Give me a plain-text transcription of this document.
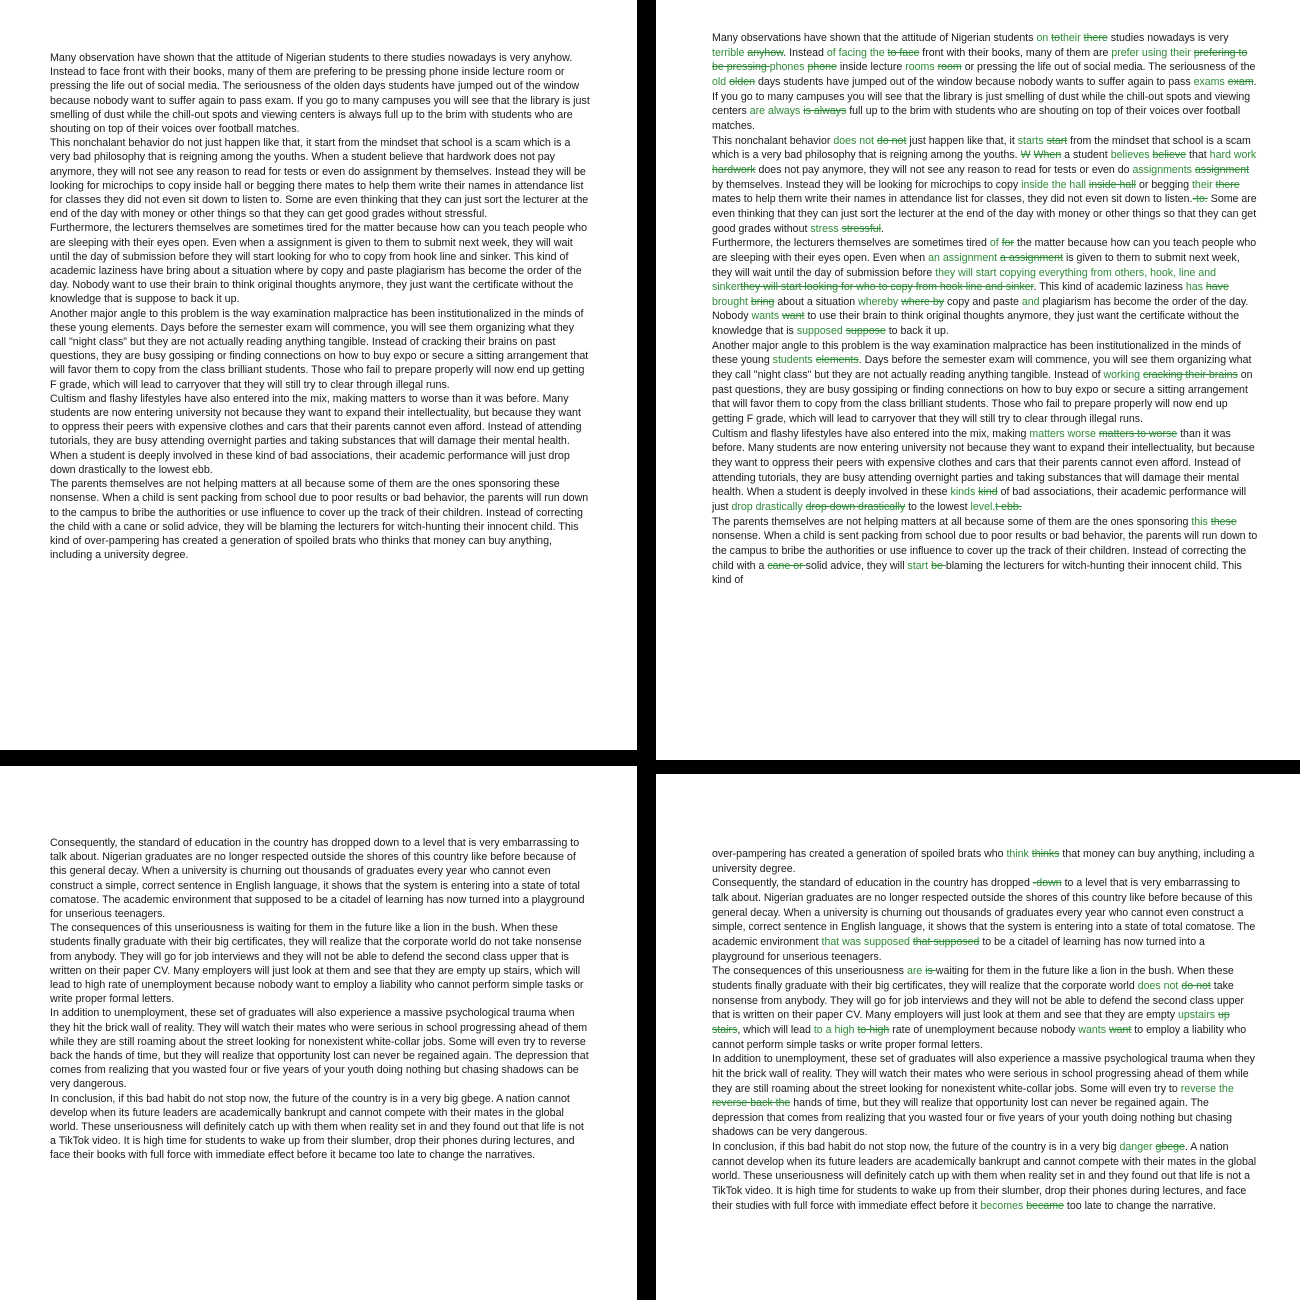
Many observation have shown that the attitude of Nigerian students to there studies nowadays is very anyhow. Instead to face front with their books, many of them are prefering to be pressing phone inside lecture room or pressing the life out of social media. The seriousness of the olden days students have jumped out of the window because nobody want to suffer again to pass exam. If you go to many campuses you will see that the library is just smelling of dust while the chill-out spots and viewing centers is always full up to the brim with students who are shouting on top of their voices over football matches.

This nonchalant behavior do not just happen like that, it start from the mindset that school is a scam which is a very bad philosophy that is reigning among the youths. When a student believe that hardwork does not pay anymore, they will not see any reason to read for tests or even do assignment by themselves. Instead they will be looking for microchips to copy inside hall or begging there mates to help them write their names in attendance list for classes they did not even sit down to listen to. Some are even thinking that they can just sort the lecturer at the end of the day with money or other things so that they can get good grades without stressful.

Furthermore, the lecturers themselves are sometimes tired for the matter because how can you teach people who are sleeping with their eyes open. Even when a assignment is given to them to submit next week, they will wait until the day of submission before they will start looking for who to copy from hook line and sinker. This kind of academic laziness have bring about a situation where by copy and paste plagiarism has become the order of the day. Nobody want to use their brain to think original thoughts anymore, they just want the certificate without the knowledge that is suppose to back it up.

Another major angle to this problem is the way examination malpractice has been institutionalized in the minds of these young elements. Days before the semester exam will commence, you will see them organizing what they call "night class" but they are not actually reading anything tangible. Instead of cracking their brains on past questions, they are busy gossiping or finding connections on how to buy expo or secure a sitting arrangement that will favor them to copy from the class brilliant students. Those who fail to prepare properly will now end up getting F grade, which will lead to carryover that they will still try to clear through illegal runs.

Cultism and flashy lifestyles have also entered into the mix, making matters to worse than it was before. Many students are now entering university not because they want to expand their intellectuality, but because they want to oppress their peers with expensive clothes and cars that their parents cannot even afford. Instead of attending tutorials, they are busy attending overnight parties and taking substances that will damage their mental health. When a student is deeply involved in these kind of bad associations, their academic performance will just drop down drastically to the lowest ebb.

The parents themselves are not helping matters at all because some of them are the ones sponsoring these nonsense. When a child is sent packing from school due to poor results or bad behavior, the parents will run down to the campus to bribe the authorities or use influence to cover up the track of their children. Instead of correcting the child with a cane or solid advice, they will be blaming the lecturers for witch-hunting their innocent child. This kind of over-pampering has created a generation of spoiled brats who thinks that money can buy anything, including a university degree.

Many observations have shown that the attitude of Nigerian students on totheir there studies nowadays is very terrible anyhow. Instead of facing the to face front with their books, many of them are prefer using their prefering to be pressing phones phone inside lecture rooms room or pressing the life out of social media. The seriousness of the old olden days students have jumped out of the window because nobody wants to suffer again to pass exams exam. If you go to many campuses you will see that the library is just smelling of dust while the chill-out spots and viewing centers are always is always full up to the brim with students who are shouting on top of their voices over football matches.

This nonchalant behavior does not do not just happen like that, it starts start from the mindset that school is a scam which is a very bad philosophy that is reigning among the youths. W When a student believes believe that hard work hardwork does not pay anymore, they will not see any reason to read for tests or even do assignments assignment by themselves. Instead they will be looking for microchips to copy inside the hall inside hall or begging their there mates to help them write their names in attendance list for classes, they did not even sit down to listen.-to. Some are even thinking that they can just sort the lecturer at the end of the day with money or other things so that they can get good grades without stress stressful.

Furthermore, the lecturers themselves are sometimes tired of for the matter because how can you teach people who are sleeping with their eyes open. Even when an assignment a assignment is given to them to submit next week, they will wait until the day of submission before they will start copying everything from others, hook, line and sinkerthey will start looking for who to copy from hook line and sinker. This kind of academic laziness has have brought bring about a situation whereby where by copy and paste and plagiarism has become the order of the day. Nobody wants want to use their brain to think original thoughts anymore, they just want the certificate without the knowledge that is supposed suppose to back it up.

Another major angle to this problem is the way examination malpractice has been institutionalized in the minds of these young students elements. Days before the semester exam will commence, you will see them organizing what they call "night class" but they are not actually reading anything tangible. Instead of working cracking their brains on past questions, they are busy gossiping or finding connections on how to buy expo or secure a sitting arrangement that will favor them to copy from the class brilliant students. Those who fail to prepare properly will now end up getting F grade, which will lead to carryover that they will still try to clear through illegal runs.

Cultism and flashy lifestyles have also entered into the mix, making matters worse matters to worse than it was before. Many students are now entering university not because they want to expand their intellectuality, but because they want to oppress their peers with expensive clothes and cars that their parents cannot even afford. Instead of attending tutorials, they are busy attending overnight parties and taking substances that will damage their mental health. When a student is deeply involved in these kinds kind of bad associations, their academic performance will just drop drastically drop down drastically to the lowest level.t ebb.

The parents themselves are not helping matters at all because some of them are the ones sponsoring this these nonsense. When a child is sent packing from school due to poor results or bad behavior, the parents will run down to the campus to bribe the authorities or use influence to cover up the track of their children. Instead of correcting the child with a cane or solid advice, they will start be blaming the lecturers for witch-hunting their innocent child. This kind of

Consequently, the standard of education in the country has dropped down to a level that is very embarrassing to talk about. Nigerian graduates are no longer respected outside the shores of this country like before because of this general decay. When a university is churning out thousands of graduates every year who cannot even construct a simple, correct sentence in English language, it shows that the system is entering into a state of total comatose. The academic environment that supposed to be a citadel of learning has now turned into a playground for unserious teenagers.

The consequences of this unseriousness is waiting for them in the future like a lion in the bush. When these students finally graduate with their big certificates, they will realize that the corporate world do not take nonsense from anybody. They will go for job interviews and they will not be able to defend the second class upper that is written on their paper CV. Many employers will just look at them and see that they are empty up stairs, which will lead to high rate of unemployment because nobody want to employ a liability who cannot perform simple tasks or write proper formal letters.

In addition to unemployment, these set of graduates will also experience a massive psychological trauma when they hit the brick wall of reality. They will watch their mates who were serious in school progressing ahead of them while they are still roaming about the street looking for nonexistent white-collar jobs. Some will even try to reverse back the hands of time, but they will realize that opportunity lost can never be regained again. The depression that comes from realizing that you wasted four or five years of your youth doing nothing but chasing shadows can be very dangerous.

In conclusion, if this bad habit do not stop now, the future of the country is in a very big gbege. A nation cannot develop when its future leaders are academically bankrupt and cannot compete with their mates in the global world. These unseriousness will definitely catch up with them when reality set in and they found out that life is not a TikTok video. It is high time for students to wake up from their slumber, drop their phones during lectures, and face their books with full force with immediate effect before it became too late to change the narratives.

over-pampering has created a generation of spoiled brats who think thinks that money can buy anything, including a university degree.

Consequently, the standard of education in the country has dropped -down to a level that is very embarrassing to talk about. Nigerian graduates are no longer respected outside the shores of this country like before because of this general decay. When a university is churning out thousands of graduates every year who cannot even construct a simple, correct sentence in English language, it shows that the system is entering into a state of total comatose. The academic environment that was supposed that supposed to be a citadel of learning has now turned into a playground for unserious teenagers.

The consequences of this unseriousness are is waiting for them in the future like a lion in the bush. When these students finally graduate with their big certificates, they will realize that the corporate world does not do not take nonsense from anybody. They will go for job interviews and they will not be able to defend the second class upper that is written on their paper CV. Many employers will just look at them and see that they are empty upstairs up stairs, which will lead to a high to high rate of unemployment because nobody wants want to employ a liability who cannot perform simple tasks or write proper formal letters.

In addition to unemployment, these set of graduates will also experience a massive psychological trauma when they hit the brick wall of reality. They will watch their mates who were serious in school progressing ahead of them while they are still roaming about the street looking for nonexistent white-collar jobs. Some will even try to reverse the reverse back the hands of time, but they will realize that opportunity lost can never be regained again. The depression that comes from realizing that you wasted four or five years of your youth doing nothing but chasing shadows can be very dangerous.

In conclusion, if this bad habit do not stop now, the future of the country is in a very big danger gbege. A nation cannot develop when its future leaders are academically bankrupt and cannot compete with their mates in the global world. These unseriousness will definitely catch up with them when reality set in and they found out that life is not a TikTok video. It is high time for students to wake up from their slumber, drop their phones during lectures, and face their studies with full force with immediate effect before it becomes became too late to change the narrative.
